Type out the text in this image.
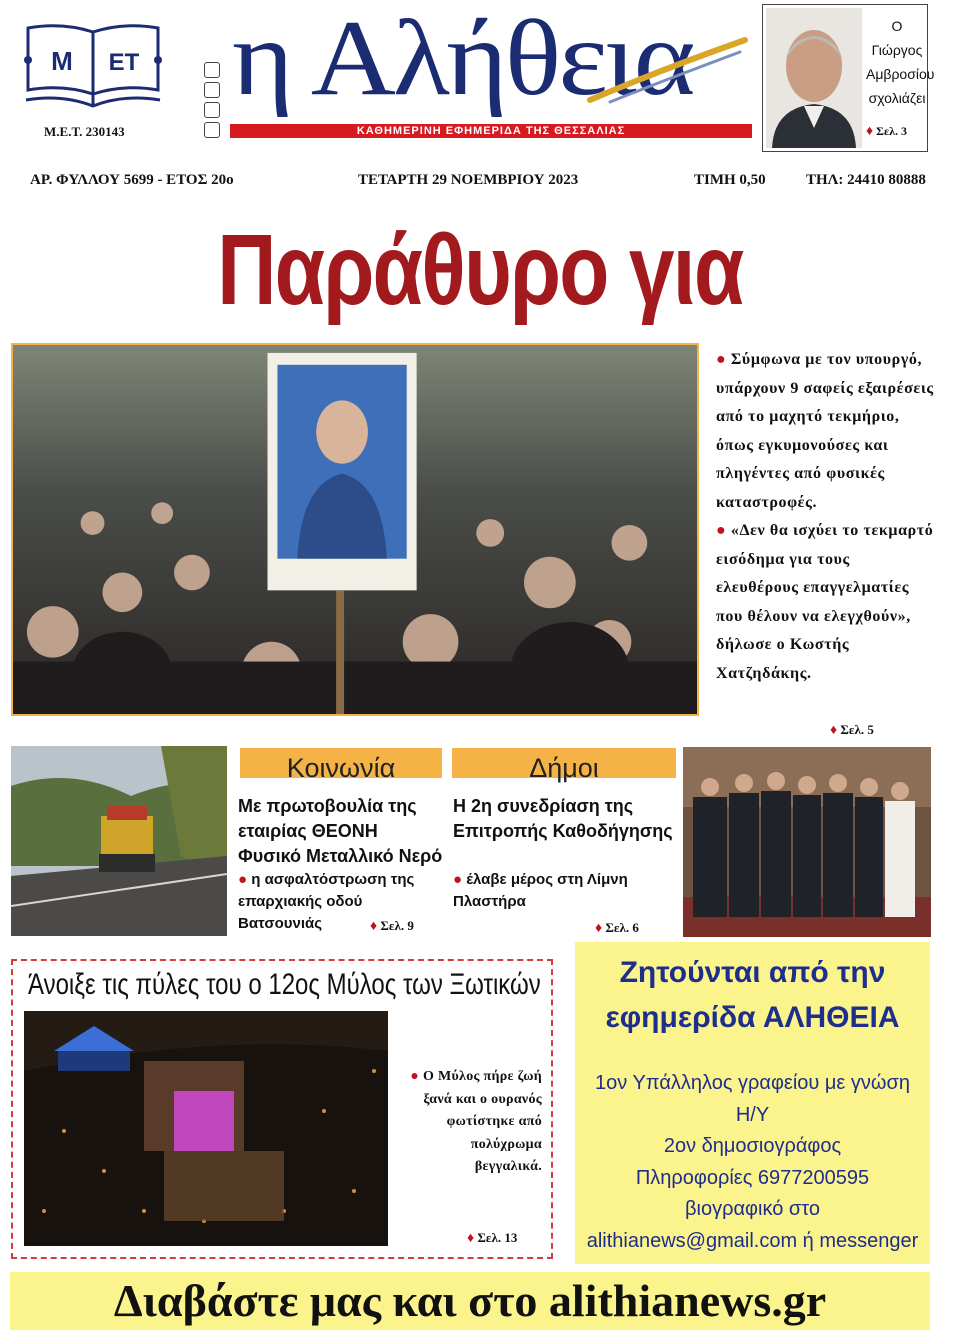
M ET
Μ.Ε.Τ. 230143
η Αλήθεια
ΚΑΘΗΜΕΡΙΝΗ ΕΦΗΜΕΡΙΔΑ ΤΗΣ ΘΕΣΣΑΛΙΑΣ
Ο Γιώργος
Αμβροσίου
σχολιάζει
♦ Σελ. 3
ΑΡ. ΦΥΛΛΟΥ 5699 - ΕΤΟΣ 20ο	ΤΕΤΑΡΤΗ 29 ΝΟΕΜΒΡΙΟΥ 2023	ΤΙΜΗ 0,50	ΤΗΛ: 24410 80888
Παράθυρο για
● Σύμφωνα με τον υπουργό, υπάρχουν 9 σαφείς εξαιρέσεις από το μαχητό τεκμήριο, όπως εγκυμονούσες και πληγέντες από φυσικές καταστροφές.
● «Δεν θα ισχύει το τεκμαρτό εισόδημα για τους ελευθέρους επαγγελματίες που θέλουν να ελεγχθούν», δήλωσε ο Κωστής Χατζηδάκης.
♦ Σελ. 5
Κοινωνία
Με πρωτοβουλία της εταιρίας ΘΕΟΝΗ Φυσικό Μεταλλικό Νερό
● η ασφαλτόστρωση της επαρχιακής οδού Βατσουνιάς	♦ Σελ. 9
Δήμοι
Η 2η συνεδρίαση της Επιτροπής Καθοδήγησης
● έλαβε μέρος στη Λίμνη Πλαστήρα
♦ Σελ. 6
Άνοιξε τις πύλες του ο 12ος Μύλος των Ξωτικών
● Ο Μύλος πήρε ζωή ξανά και ο ουρανός φωτίστηκε από πολύχρωμα βεγγαλικά.
♦ Σελ. 13
Ζητούνται από την
εφημερίδα ΑΛΗΘΕΙΑ
1ον Υπάλληλος γραφείου με γνώση
Η/Υ
2ον δημοσιογράφος
Πληροφορίες 6977200595
βιογραφικό στο
alithianews@gmail.com ή messenger
Διαβάστε μας και στο alithianews.gr
